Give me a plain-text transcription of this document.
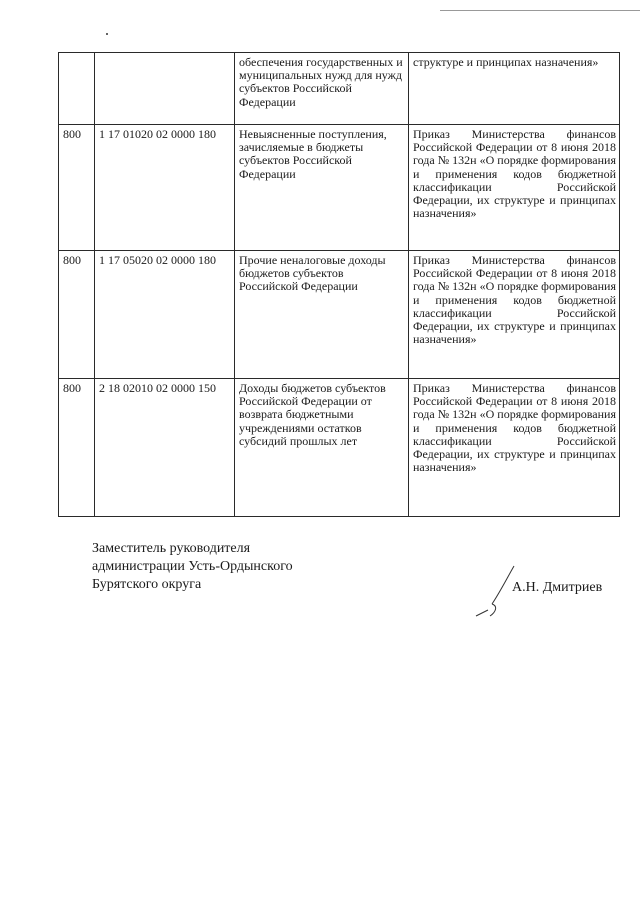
		обеспечения государственных и муниципальных нужд для нужд субъектов Российской Федерации	структуре и принципах назначения»

800	1 17 01020 02 0000 180	Невыясненные поступления, зачисляемые в бюджеты субъектов Российской Федерации	Приказ Министерства финансов Российской Федерации от 8 июня 2018 года № 132н «О порядке формирования и применения кодов бюджетной классификации Российской Федерации, их структуре и принципах назначения»

800	1 17 05020 02 0000 180	Прочие неналоговые доходы бюджетов субъектов Российской Федерации	Приказ Министерства финансов Российской Федерации от 8 июня 2018 года № 132н «О порядке формирования и применения кодов бюджетной классификации Российской Федерации, их структуре и принципах назначения»

800	2 18 02010 02 0000 150	Доходы бюджетов субъектов Российской Федерации от возврата бюджетными учреждениями остатков субсидий прошлых лет	Приказ Министерства финансов Российской Федерации от 8 июня 2018 года № 132н «О порядке формирования и применения кодов бюджетной классификации Российской Федерации, их структуре и принципах назначения»
Заместитель руководителя
администрации Усть-Ордынского
Бурятского округа	А.Н. Дмитриев
